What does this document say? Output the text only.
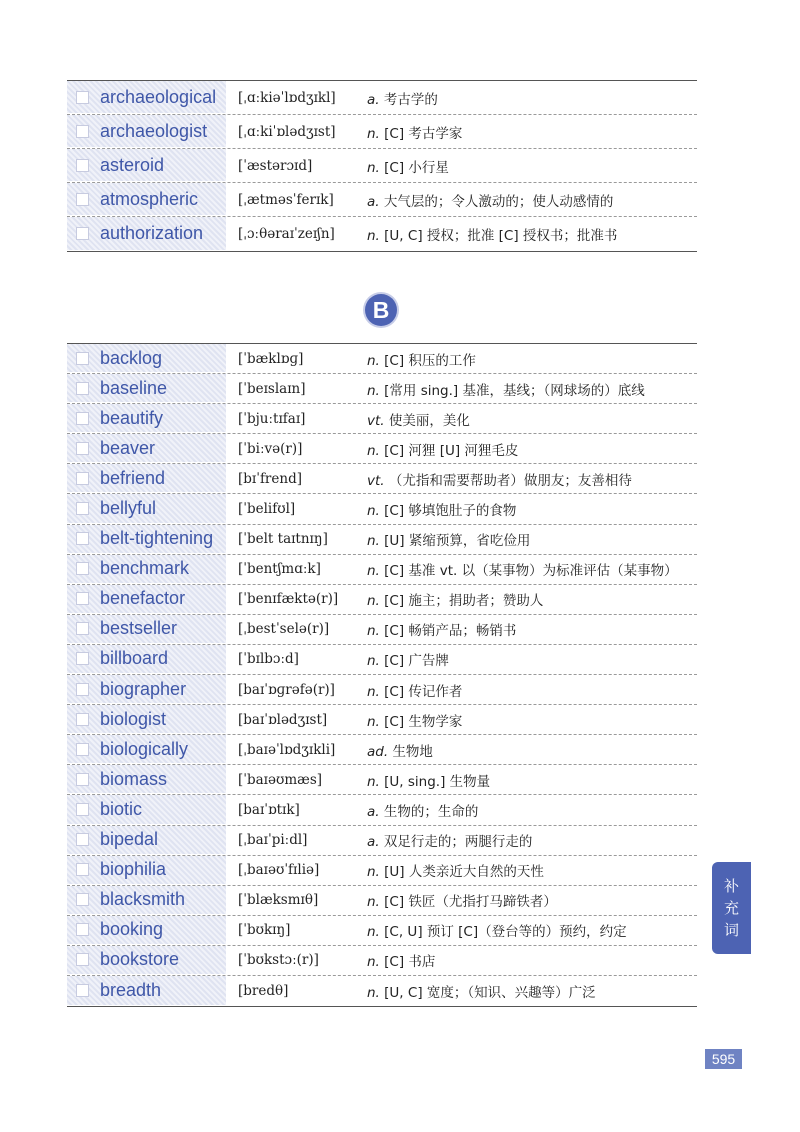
archaeological	[ˌɑːkiəˈlɒdʒɪkl]	a. 考古学的
archaeologist	[ˌɑːkiˈɒlədʒɪst]	n. [C] 考古学家
asteroid	[ˈæstərɔɪd]	n. [C] 小行星
atmospheric	[ˌætməsˈferɪk]	a. 大气层的；令人激动的；使人动感情的
authorization	[ˌɔːθəraɪˈzeɪʃn]	n. [U, C] 授权；批准 [C] 授权书；批准书
B
backlog	[ˈbæklɒɡ]	n. [C] 积压的工作
baseline	[ˈbeɪslaɪn]	n. [常用 sing.] 基准，基线；（网球场的）底线
beautify	[ˈbjuːtɪfaɪ]	vt. 使美丽，美化
beaver	[ˈbiːvə(r)]	n. [C] 河狸 [U] 河狸毛皮
befriend	[bɪˈfrend]	vt. （尤指和需要帮助者）做朋友；友善相待
bellyful	[ˈbelifʊl]	n. [C] 够填饱肚子的食物
belt-tightening	[ˈbelt taɪtnɪŋ]	n. [U] 紧缩预算，省吃俭用
benchmark	[ˈbentʃmɑːk]	n. [C] 基准 vt. 以（某事物）为标准评估（某事物）
benefactor	[ˈbenɪfæktə(r)]	n. [C] 施主；捐助者；赞助人
bestseller	[ˌbestˈselə(r)]	n. [C] 畅销产品；畅销书
billboard	[ˈbɪlbɔːd]	n. [C] 广告牌
biographer	[baɪˈɒɡrəfə(r)]	n. [C] 传记作者
biologist	[baɪˈɒlədʒɪst]	n. [C] 生物学家
biologically	[ˌbaɪəˈlɒdʒɪkli]	ad. 生物地
biomass	[ˈbaɪəʊmæs]	n. [U, sing.] 生物量
biotic	[baɪˈɒtɪk]	a. 生物的；生命的
bipedal	[ˌbaɪˈpiːdl]	a. 双足行走的；两腿行走的
biophilia	[ˌbaɪəʊˈfɪliə]	n. [U] 人类亲近大自然的天性
blacksmith	[ˈblæksmɪθ]	n. [C] 铁匠（尤指打马蹄铁者）
booking	[ˈbʊkɪŋ]	n. [C, U] 预订 [C]（登台等的）预约，约定
bookstore	[ˈbʊkstɔː(r)]	n. [C] 书店
breadth	[bredθ]	n. [U, C] 宽度；（知识、兴趣等）广泛
补
充
词
595
